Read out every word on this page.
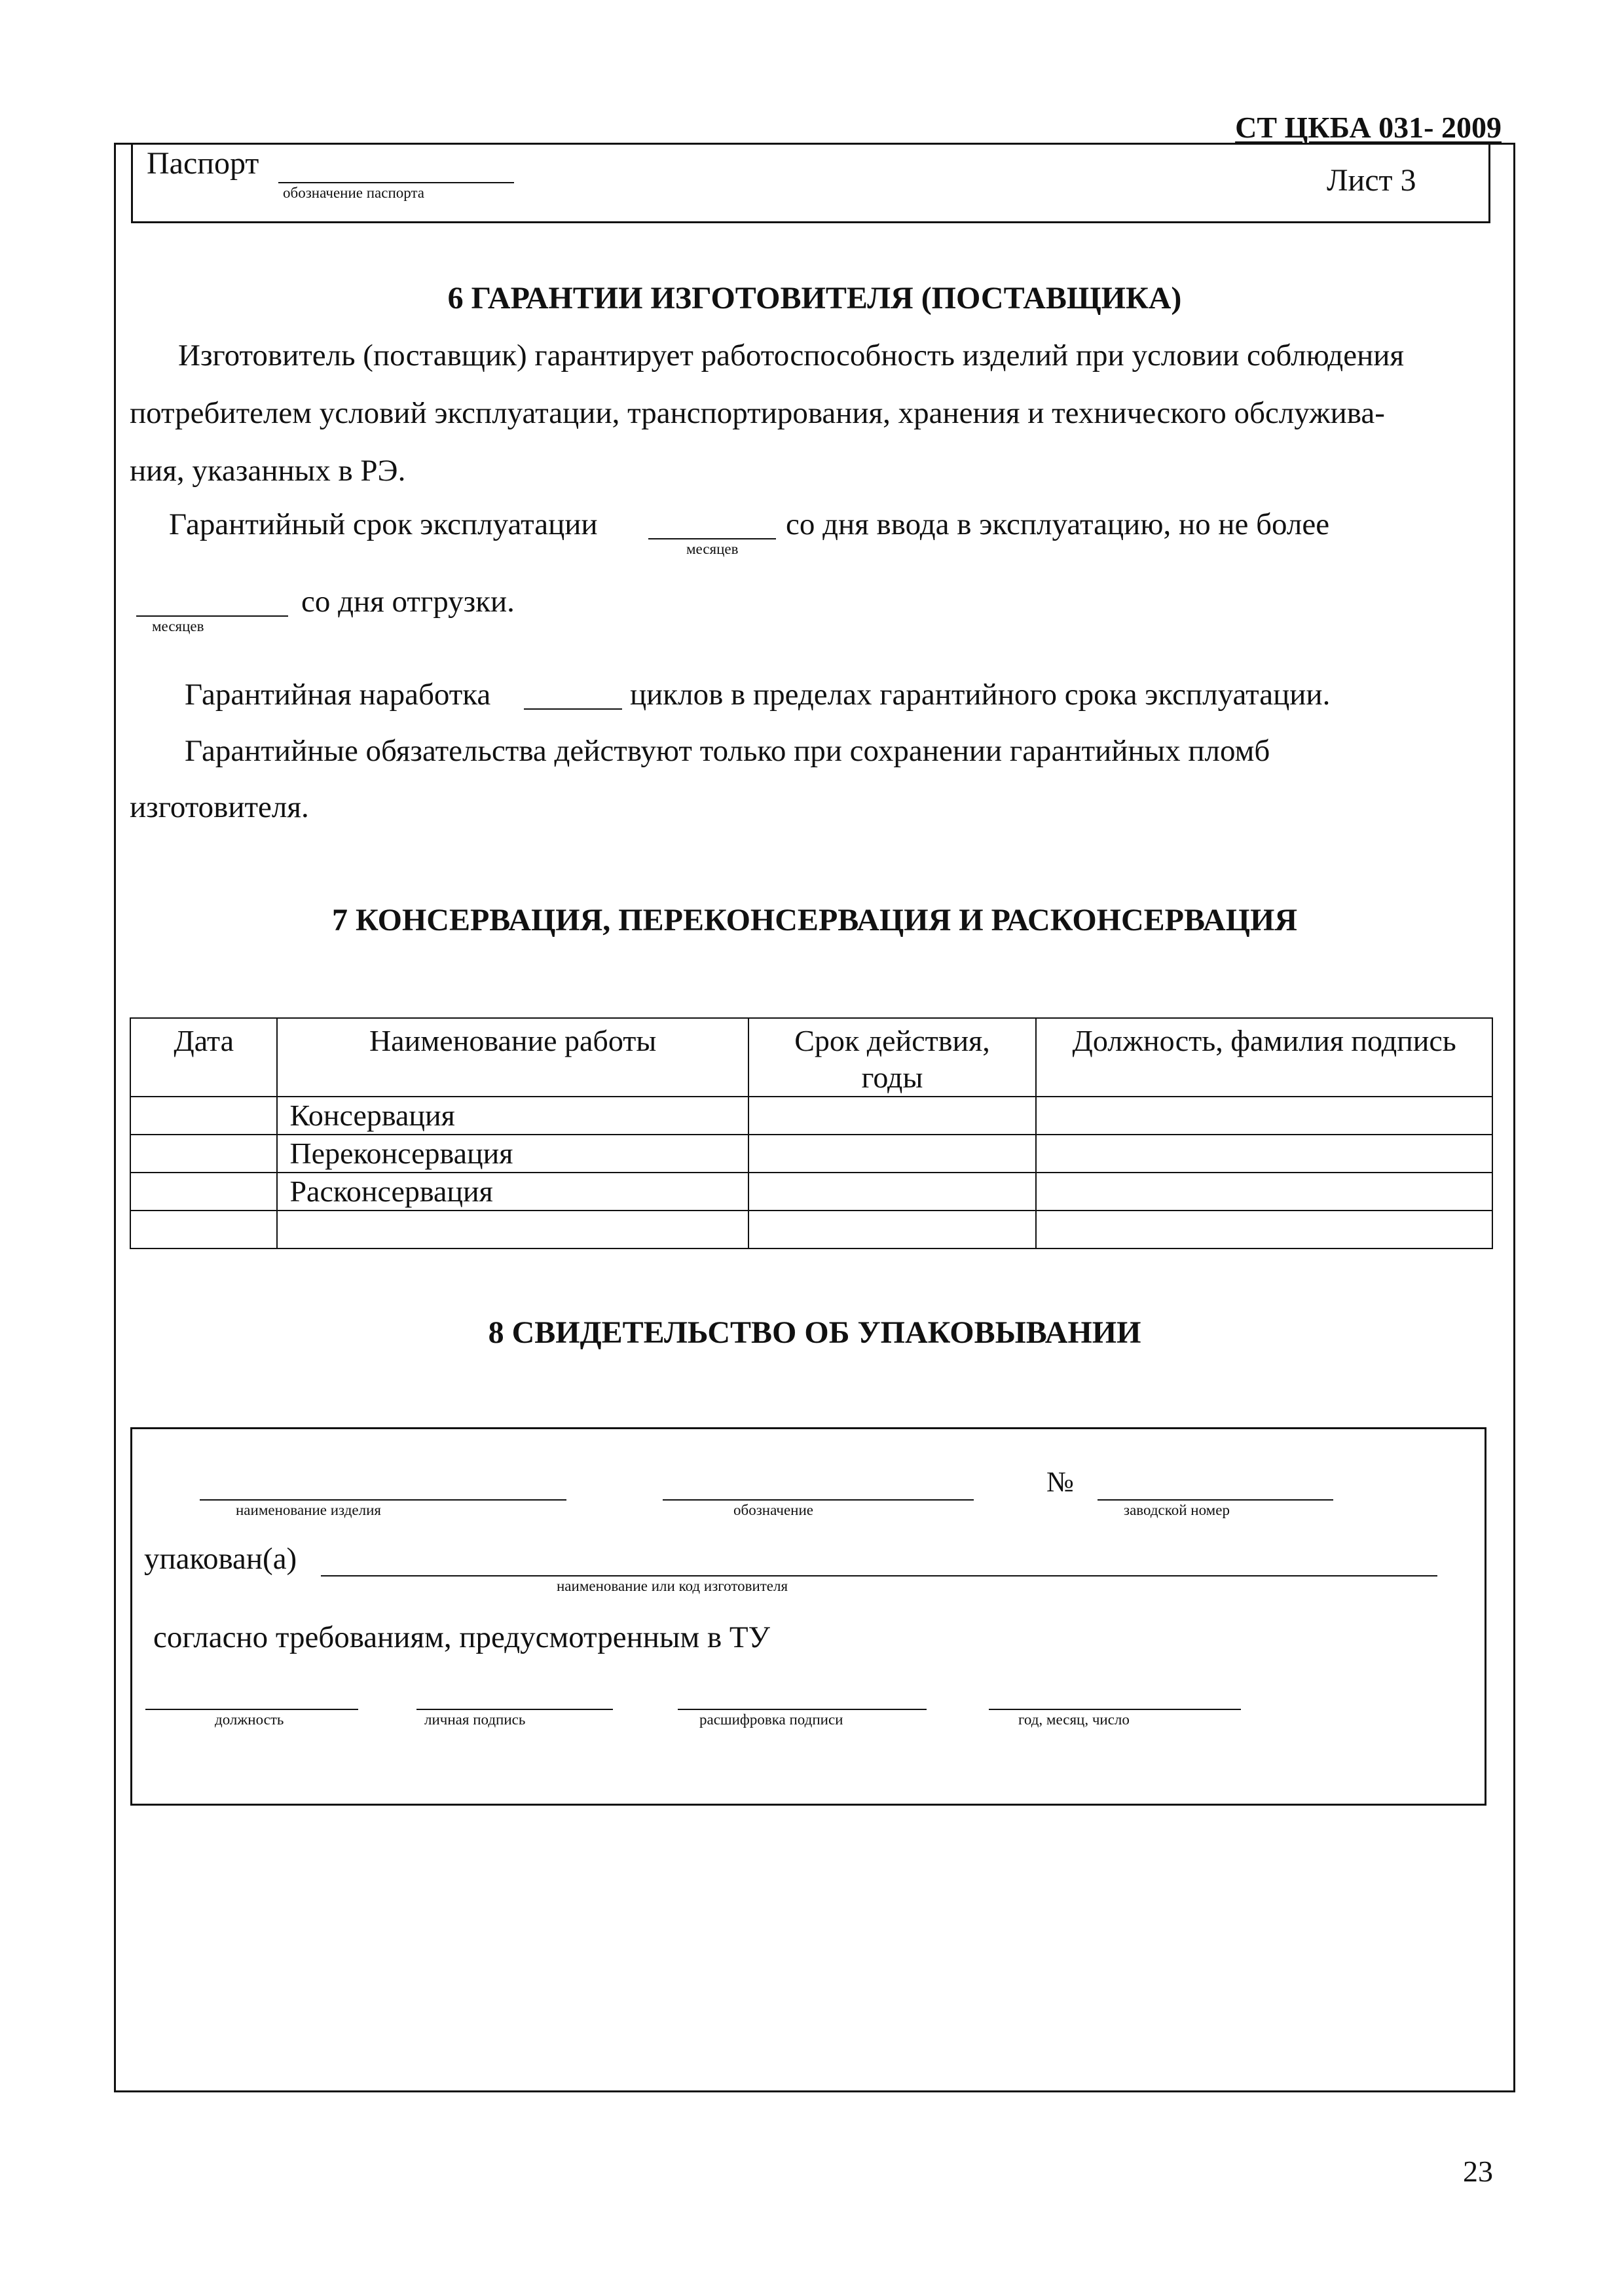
СТ ЦКБА 031- 2009
Паспорт
обозначение паспорта	Лист 3
6 ГАРАНТИИ ИЗГОТОВИТЕЛЯ (ПОСТАВЩИКА)
Изготовитель (поставщик) гарантирует работоспособность изделий при условии соблюдения
потребителем условий эксплуатации, транспортирования, хранения и технического обслужива-
ния, указанных в РЭ.
Гарантийный срок эксплуатации
месяцев
со дня ввода в эксплуатацию, но не более
месяцев
со дня отгрузки.
Гарантийная наработка	циклов в пределах гарантийного срока эксплуатации.
Гарантийные обязательства действуют только при сохранении гарантийных пломб
изготовителя.
7 КОНСЕРВАЦИЯ, ПЕРЕКОНСЕРВАЦИЯ И РАСКОНСЕРВАЦИЯ
Дата	Наименование работы	Срок действия, годы	Должность, фамилия подпись
	Консервация		
	Переконсервация		
	Расконсервация		

8 СВИДЕТЕЛЬСТВО ОБ УПАКОВЫВАНИИ
наименование изделия	обозначение
№
заводской номер
упакован(а)
наименование или код изготовителя
согласно требованиям, предусмотренным в ТУ
должность	личная подпись	расшифровка подписи	год, месяц, число
23
